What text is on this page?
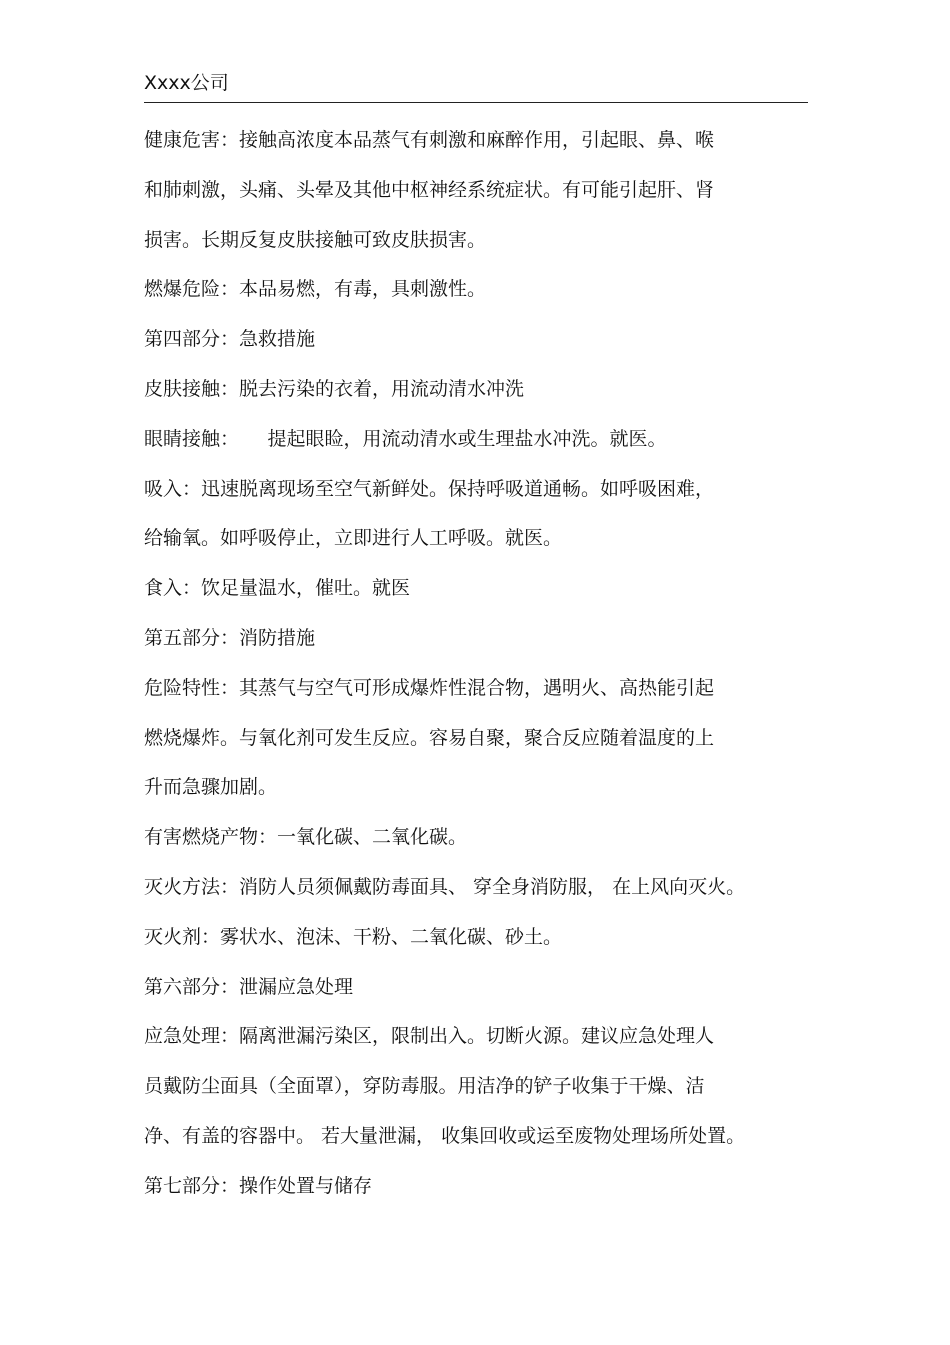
Xxxx公司
健康危害：接触高浓度本品蒸气有刺激和麻醉作用，引起眼、鼻、喉
和肺刺激，头痛、头晕及其他中枢神经系统症状。有可能引起肝、肾
损害。长期反复皮肤接触可致皮肤损害。
燃爆危险：本品易燃，有毒，具刺激性。
第四部分：急救措施
皮肤接触：脱去污染的衣着，用流动清水冲洗
眼睛接触：　　提起眼睑，用流动清水或生理盐水冲洗。就医。
吸入：迅速脱离现场至空气新鲜处。保持呼吸道通畅。如呼吸困难，
给输氧。如呼吸停止，立即进行人工呼吸。就医。
食入：饮足量温水，催吐。就医
第五部分：消防措施
危险特性：其蒸气与空气可形成爆炸性混合物，遇明火、高热能引起
燃烧爆炸。与氧化剂可发生反应。容易自聚，聚合反应随着温度的上
升而急骤加剧。
有害燃烧产物：一氧化碳、二氧化碳。
灭火方法：消防人员须佩戴防毒面具、 穿全身消防服， 在上风向灭火。
灭火剂：雾状水、泡沫、干粉、二氧化碳、砂土。
第六部分：泄漏应急处理
应急处理：隔离泄漏污染区，限制出入。切断火源。建议应急处理人
员戴防尘面具（全面罩），穿防毒服。用洁净的铲子收集于干燥、洁
净、有盖的容器中。 若大量泄漏， 收集回收或运至废物处理场所处置。
第七部分：操作处置与储存
